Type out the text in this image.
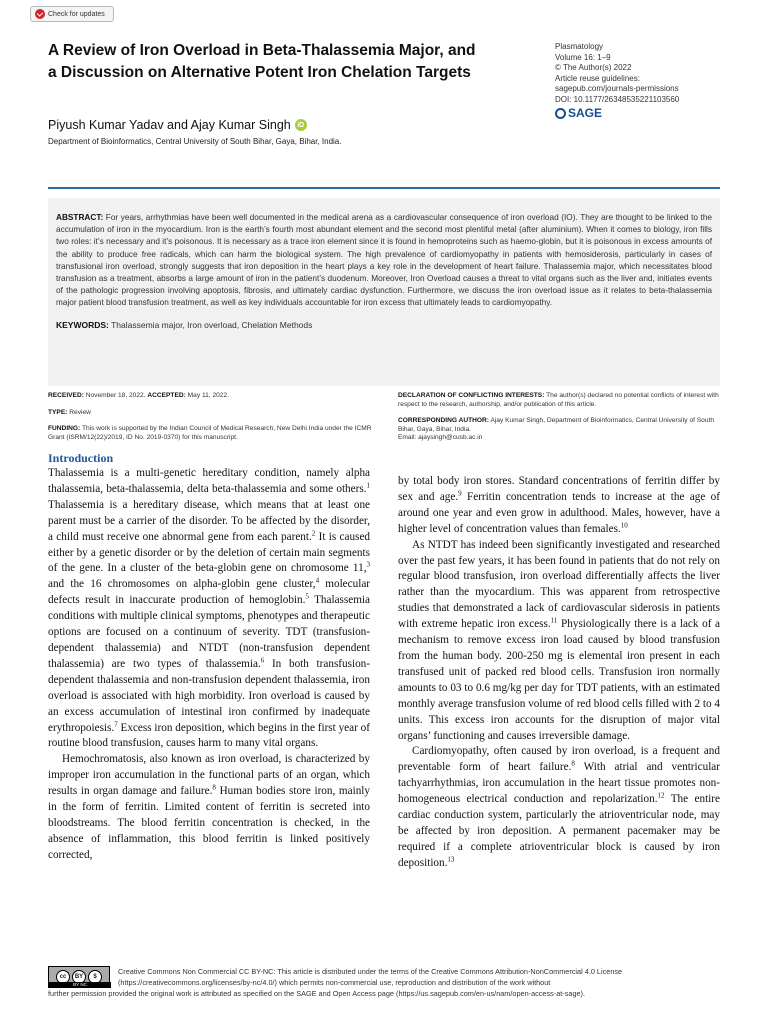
Check for updates
A Review of Iron Overload in Beta-Thalassemia Major, and a Discussion on Alternative Potent Iron Chelation Targets
Piyush Kumar Yadav and Ajay Kumar Singh iD
Department of Bioinformatics, Central University of South Bihar, Gaya, Bihar, India.
Plasmatology
Volume 16: 1–9
© The Author(s) 2022
Article reuse guidelines:
sagepub.com/journals-permissions
DOI: 10.1177/26348535221103560
SAGE

ABSTRACT: For years, arrhythmias have been well documented in the medical arena as a cardiovascular consequence of iron overload (IO). They are thought to be linked to the accumulation of iron in the myocardium. Iron is the earth’s fourth most abundant element and the second most plentiful metal (after aluminium). When it comes to biology, iron fills two roles: it’s necessary and it’s poisonous. It is necessary as a trace iron element since it is found in hemoproteins such as haemo-globin, but it is poisonous in excess amounts of the ability to produce free radicals, which can harm the biological system. The high prevalence of cardiomyopathy in patients with hemosiderosis, particularly in cases of transfusional iron overload, strongly suggests that iron deposition in the heart plays a key role in the development of heart failure. Thalassemia major, which necessitates blood transfusion as a treatment, absorbs a large amount of iron in the patient’s duodenum. Moreover, Iron Overload causes a threat to vital organs such as the liver and, initiates events of the pathologic progression involving apoptosis, fibrosis, and ultimately cardiac dysfunction. Furthermore, we discuss the iron overload issue as it relates to beta-thalassemia major patient blood transfusion treatment, as well as key individuals accountable for iron excess that ultimately leads to cardiomyopathy.

KEYWORDS: Thalassemia major, Iron overload, Chelation Methods

RECEIVED: November 18, 2022. ACCEPTED: May 11, 2022.

TYPE: Review

FUNDING: This work is supported by the Indian Council of Medical Research, New Delhi India under the ICMR Grant (ISRM/12(22)/2019, ID No. 2019-0370) for this manuscript.

DECLARATION OF CONFLICTING INTERESTS: The author(s) declared no potential conflicts of interest with respect to the research, authorship, and/or publication of this article.

CORRESPONDING AUTHOR: Ajay Kumar Singh, Department of Bioinformatics, Central University of South Bihar, Gaya, Bihar, India.
Email: ajaysingh@cusb.ac.in

Introduction

Thalassemia is a multi-genetic hereditary condition, namely alpha thalassemia, beta-thalassemia, delta beta-thalassemia and some others.$^1$ Thalassemia is a hereditary disease, which means that at least one parent must be a carrier of the disorder. To be affected by the disorder, a child must receive one abnormal gene from each parent.$^2$ It is caused either by a genetic disorder or by the deletion of certain main segments of the gene. In a cluster of the beta-globin gene on chromosome 11,$^3$ and the 16 chromosomes on alpha-globin gene cluster,$^4$ molecular defects result in inaccurate production of hemoglobin.$^5$ Thalassemia conditions with multiple clinical symptoms, phenotypes and therapeutic options are focused on a continuum of severity. TDT (transfusion-dependent thalassemia) and NTDT (non-transfusion dependent thalassemia) are two types of thalassemia.$^6$ In both transfusion-dependent thalassemia and non-transfusion dependent thalassemia, iron overload is associated with high morbidity. Iron overload is caused by an excess accumulation of intestinal iron confirmed by inadequate erythropoiesis.$^7$ Excess iron deposition, which begins in the first year of routine blood transfusion, causes harm to many vital organs.

Hemochromatosis, also known as iron overload, is characterized by improper iron accumulation in the functional parts of an organ, which results in organ damage and failure.$^8$ Human bodies store iron, mainly in the form of ferritin. Limited content of ferritin is secreted into bloodstreams. The blood ferritin concentration is checked, in the absence of inflammation, this blood ferritin is linked positively corrected,

by total body iron stores. Standard concentrations of ferritin differ by sex and age.$^9$ Ferritin concentration tends to increase at the age of around one year and even grow in adulthood. Males, however, have a higher level of concentration values than females.$^{10}$

As NTDT has indeed been significantly investigated and researched over the past few years, it has been found in patients that do not rely on regular blood transfusion, iron overload differentially affects the liver rather than the myocardium. This was apparent from retrospective studies that demonstrated a lack of cardiovascular siderosis in patients with extreme hepatic iron excess.$^{11}$ Physiologically there is a lack of a mechanism to remove excess iron load caused by blood transfusion from the human body. 200-250 mg is elemental iron present in each transfused unit of packed red blood cells. Transfusion iron normally amounts to 03 to 0.6 mg/kg per day for TDT patients, with an estimated monthly average transfusion volume of red blood cells filled with 2 to 4 units. This excess iron accounts for the disruption of major vital organs’ functioning and causes irreversible damage.

Cardiomyopathy, often caused by iron overload, is a frequent and preventable form of heart failure.$^8$ With atrial and ventricular tachyarrhythmias, iron accumulation in the heart tissue promotes non-homogeneous electrical conduction and repolarization.$^{12}$ The entire cardiac conduction system, particularly the atrioventricular node, may be affected by iron deposition. A permanent pacemaker may be required if a complete atrioventricular block is caused by iron deposition.$^{13}$

cc	BY	$
BY NC
Creative Commons Non Commercial CC BY-NC: This article is distributed under the terms of the Creative Commons Attribution-NonCommercial 4.0 License (https://creativecommons.org/licenses/by-nc/4.0/) which permits non-commercial use, reproduction and distribution of the work without
further permission provided the original work is attributed as specified on the SAGE and Open Access page (https://us.sagepub.com/en-us/nam/open-access-at-sage).
